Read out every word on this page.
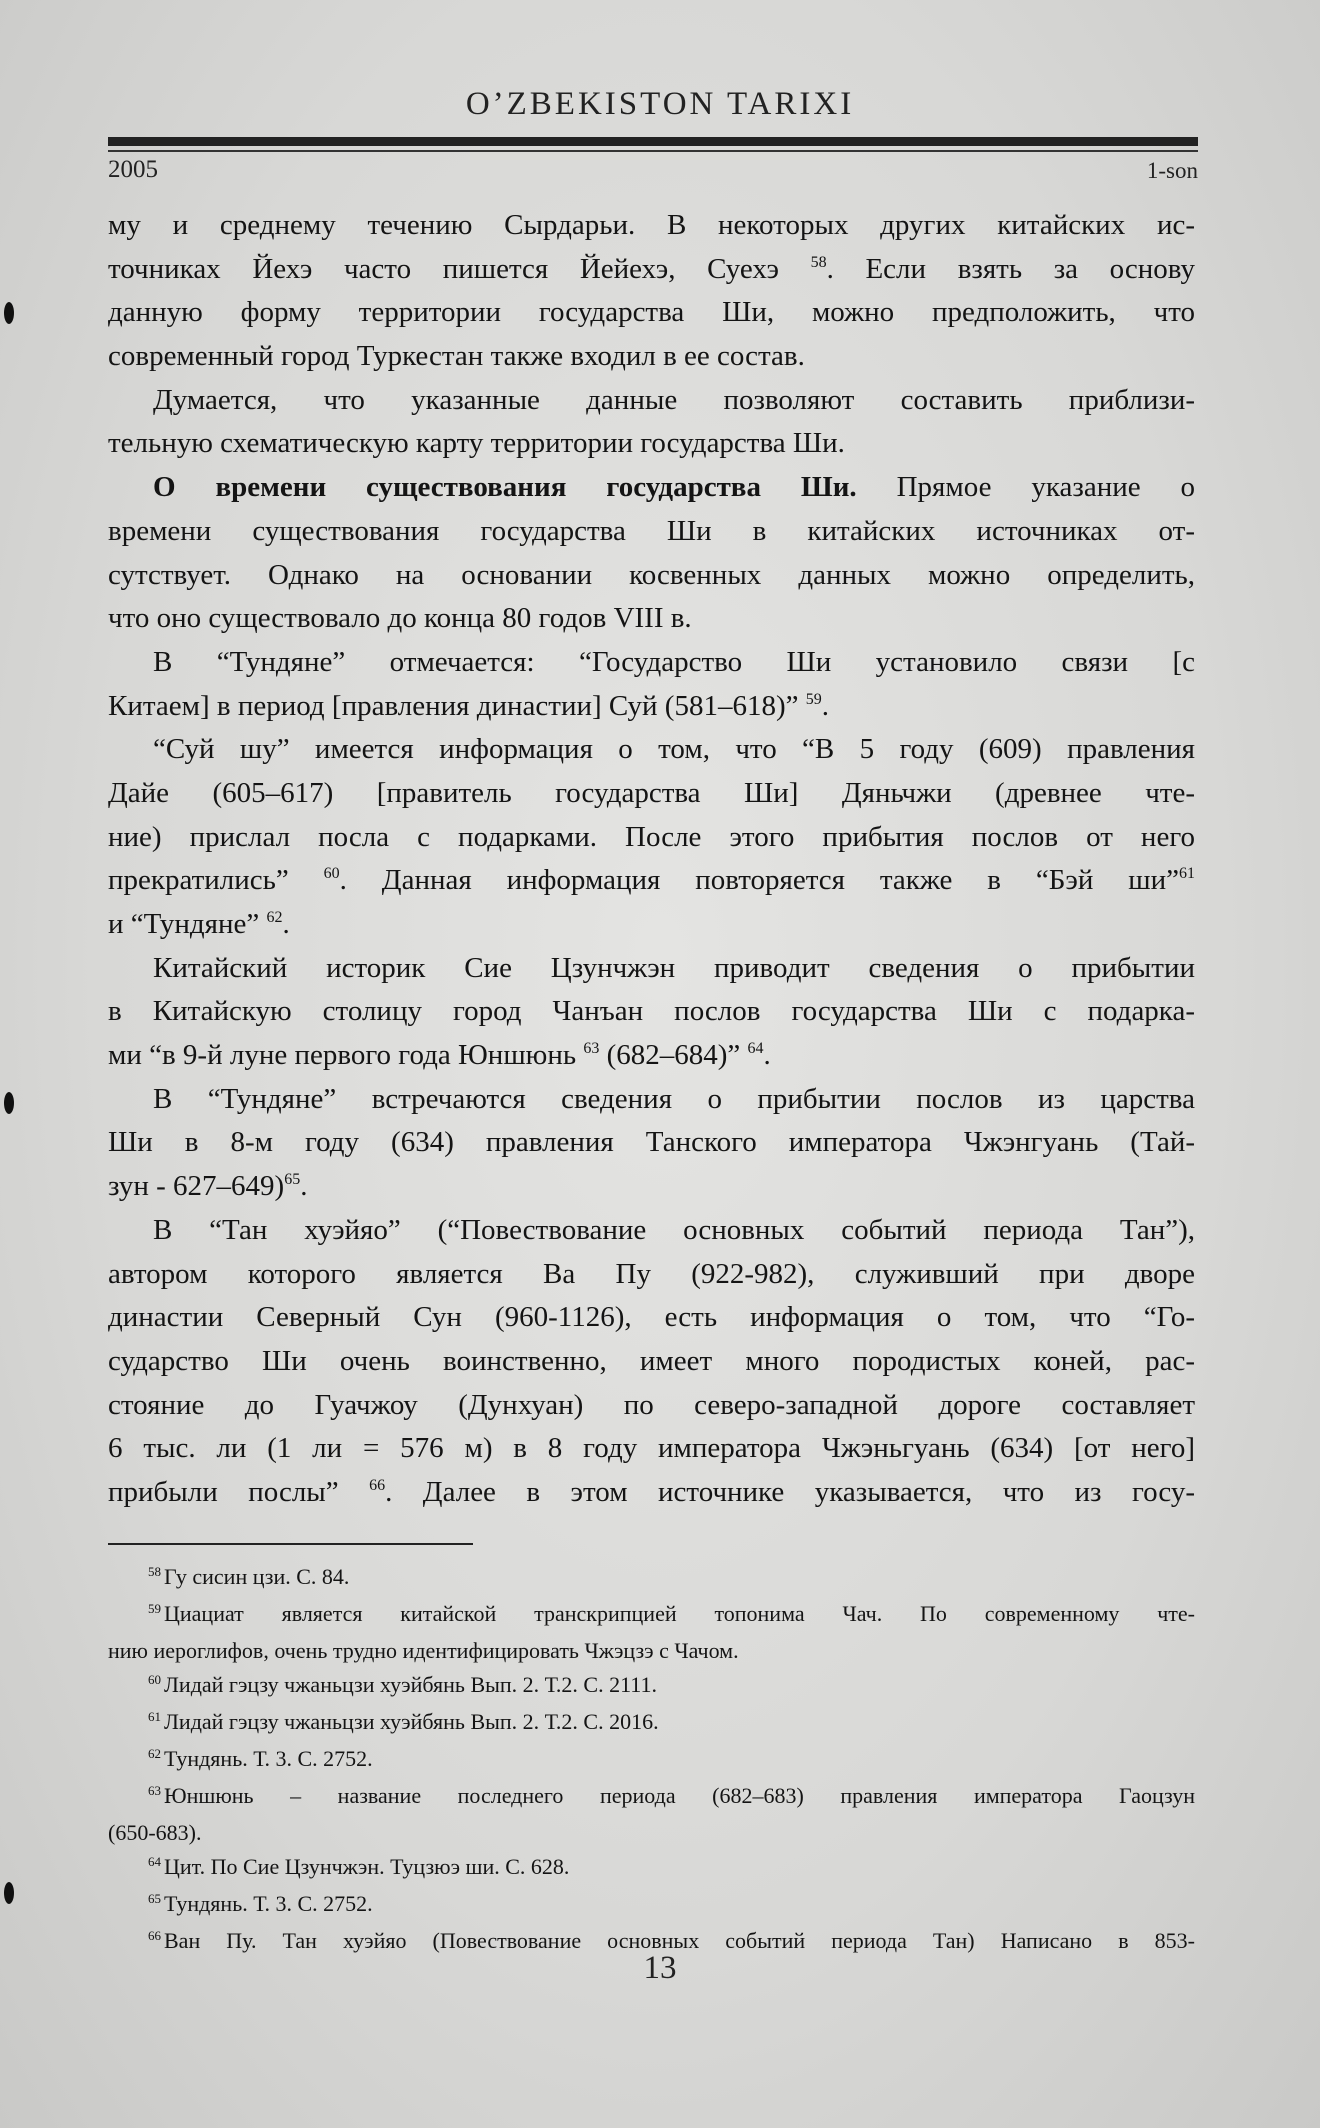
O’ZBEKISTON TARIXI
2005	1-son
му и среднему течению Сырдарьи. В некоторых других китайских ис-
точниках Йехэ часто пишется Йейехэ, Суехэ $^{58}$. Если взять за основу
данную форму территории государства Ши, можно предположить, что
современный город Туркестан также входил в ее состав.
Думается, что указанные данные позволяют составить приблизи-
тельную схематическую карту территории государства Ши.
О времени существования государства Ши. Прямое указание о
времени существования государства Ши в китайских источниках от-
сутствует. Однако на основании косвенных данных можно определить,
что оно существовало до конца 80 годов VIII в.
В “Тундяне” отмечается: “Государство Ши установило связи [с
Китаем] в период [правления династии] Суй (581–618)” $^{59}$.
“Суй шу” имеется информация о том, что “В 5 году (609) правления
Дайе (605–617) [правитель государства Ши] Дяньчжи (древнее чте-
ние) прислал посла с подарками. После этого прибытия послов от него
прекратились” $^{60}$. Данная информация повторяется также в “Бэй ши”$^{61}$
и “Тундяне” $^{62}$.
Китайский историк Сие Цзунчжэн приводит сведения о прибытии
в Китайскую столицу город Чанъан послов государства Ши с подарка-
ми “в 9-й луне первого года Юншюнь $^{63}$ (682–684)” $^{64}$.
В “Тундяне” встречаются сведения о прибытии послов из царства
Ши в 8-м году (634) правления Танского императора Чжэнгуань (Тай-
зун - 627–649)$^{65}$.
В “Тан хуэйяо” (“Повествование основных событий периода Тан”),
автором которого является Ва Пу (922-982), служивший при дворе
династии Северный Сун (960-1126), есть информация о том, что “Го-
сударство Ши очень воинственно, имеет много породистых коней, рас-
стояние до Гуачжоу (Дунхуан) по северо-западной дороге составляет
6 тыс. ли (1 ли = 576 м) в 8 году императора Чжэньгуань (634) [от него]
прибыли послы” $^{66}$. Далее в этом источнике указывается, что из госу-
$^{58}$ Гу сисин цзи. С. 84.
$^{59}$ Циациат является китайской транскрипцией топонима Чач. По современному чте-
нию иероглифов, очень трудно идентифицировать Чжэцзэ с Чачом.
$^{60}$ Лидай гэцзу чжаньцзи хуэйбянь Вып. 2. Т.2. С. 2111.
$^{61}$ Лидай гэцзу чжаньцзи хуэйбянь Вып. 2. Т.2. С. 2016.
$^{62}$ Тундянь. Т. 3. С. 2752.
$^{63}$ Юншюнь – название последнего периода (682–683) правления императора Гаоцзун
(650-683).
$^{64}$ Цит. По Сие Цзунчжэн. Туцзюэ ши. С. 628.
$^{65}$ Тундянь. Т. 3. С. 2752.
$^{66}$ Ван Пу. Тан хуэйяо (Повествование основных событий периода Тан) Написано в 853-
13
